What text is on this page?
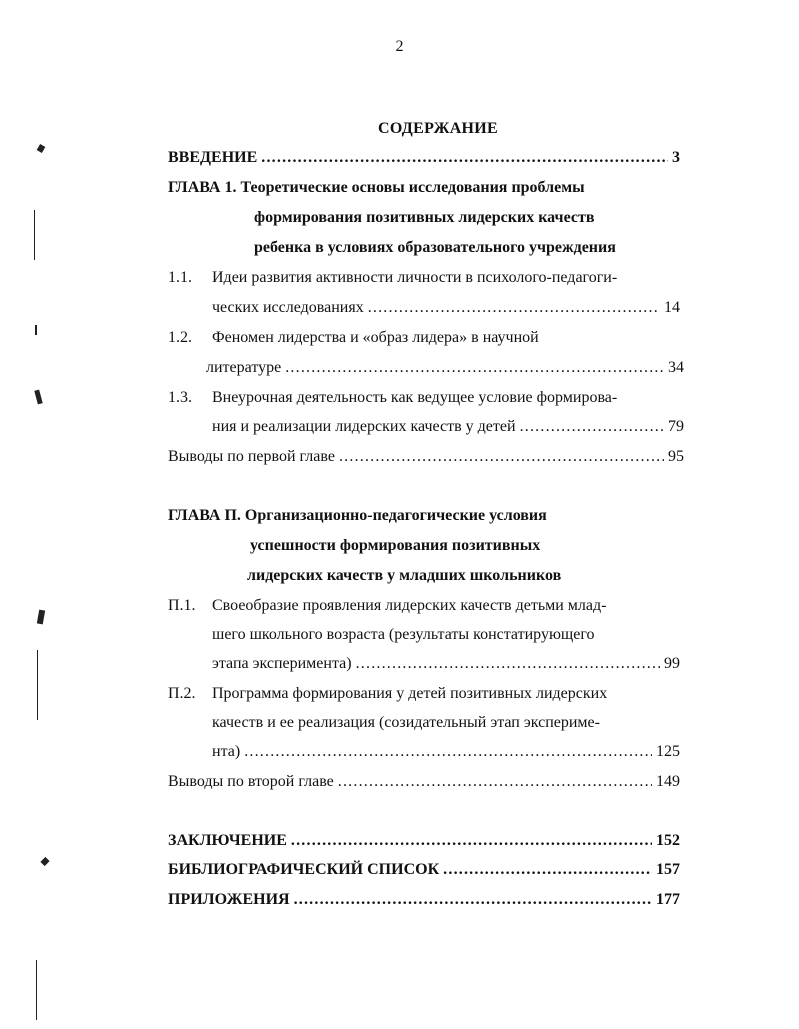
2
СОДЕРЖАНИЕ
ВВЕДЕНИЕ . . .	3
ГЛАВА 1. Теоретические основы исследования проблемы
формирования позитивных лидерских качеств
ребенка в условиях образовательного учреждения
1.1. Идеи развития активности личности в психолого-педагоги-
ческих исследованиях . . .	14
1.2. Феномен лидерства и «образ лидера» в научной
литературе . . .	34
1.3. Внеурочная деятельность как ведущее условие формирова-
ния и реализации лидерских качеств у детей . . .	79
Выводы по первой главе . . .	95
ГЛАВА П. Организационно-педагогические условия
успешности формирования позитивных
лидерских качеств у младших школьников
П.1. Своеобразие проявления лидерских качеств детьми млад-
шего школьного возраста (результаты констатирующего
этапа эксперимента) . . .	99
П.2. Программа формирования у детей позитивных лидерских
качеств и ее реализация (созидательный этап экспериме-
нта) . . .	125
Выводы по второй главе . . .	149
ЗАКЛЮЧЕНИЕ . . .	152
БИБЛИОГРАФИЧЕСКИЙ СПИСОК . . .	157
ПРИЛОЖЕНИЯ . . .	177
